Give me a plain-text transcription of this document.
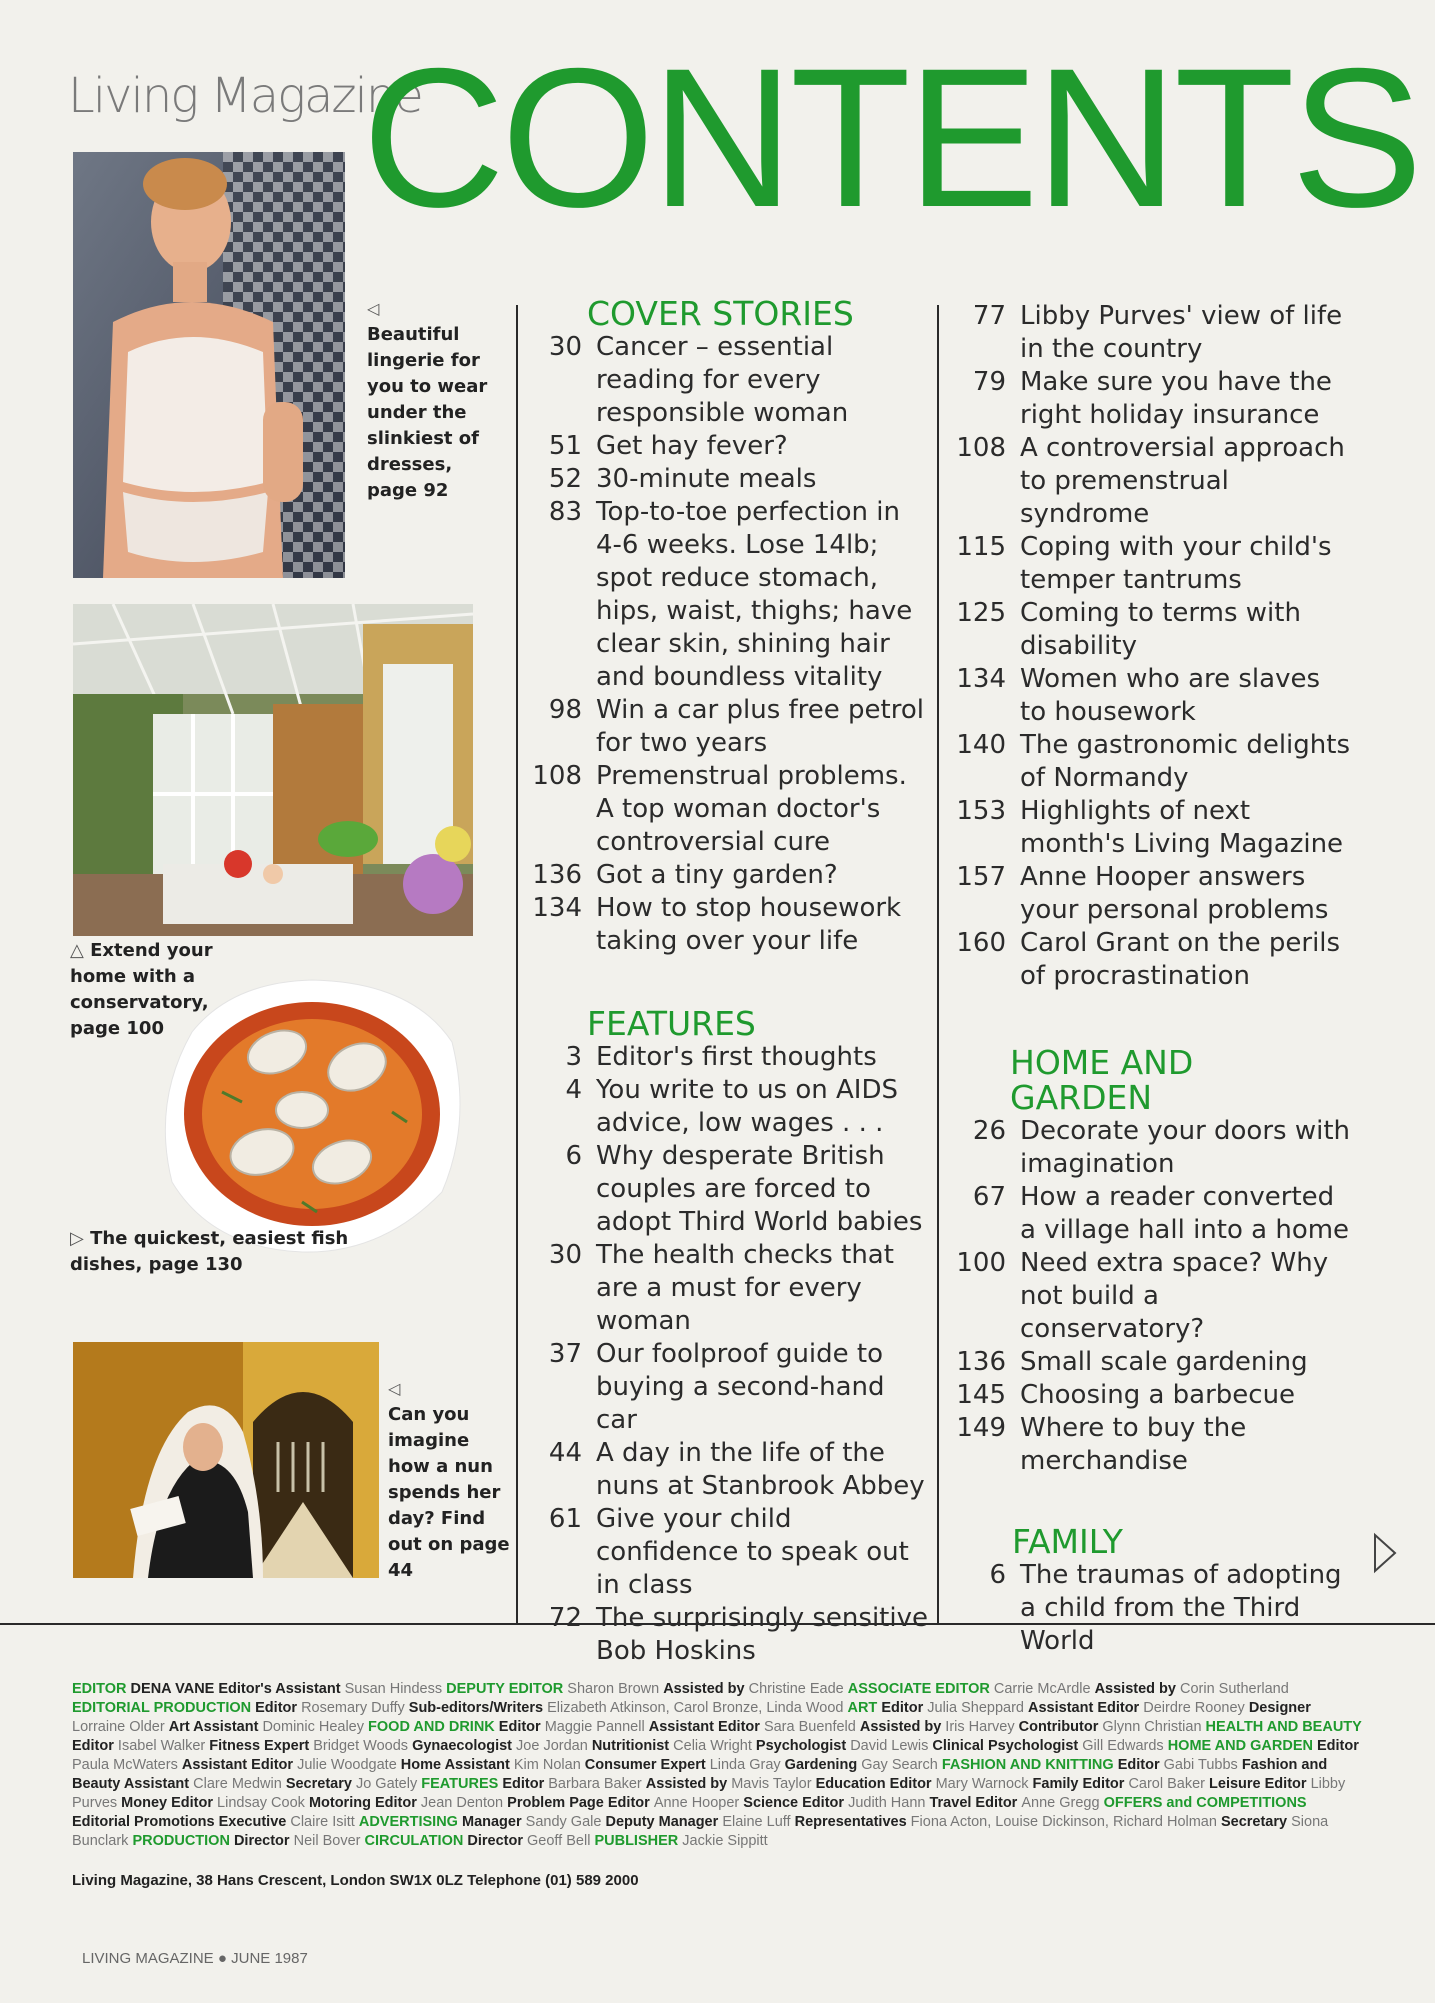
Living Magazine
CONTENTS
◁
Beautiful lingerie for you to wear under the slinkiest of dresses, page 92
△ Extend your home with a conservatory, page 100
▷ The quickest, easiest fish dishes, page 130
◁
Can you imagine how a nun spends her day? Find out on page 44
COVER STORIES
30 Cancer – essential reading for every responsible woman
51 Get hay fever?
52 30-minute meals
83 Top-to-toe perfection in 4-6 weeks. Lose 14lb; spot reduce stomach, hips, waist, thighs; have clear skin, shining hair and boundless vitality
98 Win a car plus free petrol for two years
108 Premenstrual problems. A top woman doctor's controversial cure
136 Got a tiny garden?
134 How to stop housework taking over your life
FEATURES
3 Editor's first thoughts
4 You write to us on AIDS advice, low wages . . .
6 Why desperate British couples are forced to adopt Third World babies
30 The health checks that are a must for every woman
37 Our foolproof guide to buying a second-hand car
44 A day in the life of the nuns at Stanbrook Abbey
61 Give your child confidence to speak out in class
72 The surprisingly sensitive Bob Hoskins
77 Libby Purves' view of life in the country
79 Make sure you have the right holiday insurance
108 A controversial approach to premenstrual syndrome
115 Coping with your child's temper tantrums
125 Coming to terms with disability
134 Women who are slaves to housework
140 The gastronomic delights of Normandy
153 Highlights of next month's Living Magazine
157 Anne Hooper answers your personal problems
160 Carol Grant on the perils of procrastination
HOME AND GARDEN
26 Decorate your doors with imagination
67 How a reader converted a village hall into a home
100 Need extra space? Why not build a conservatory?
136 Small scale gardening
145 Choosing a barbecue
149 Where to buy the merchandise
FAMILY
6 The traumas of adopting a child from the Third World
EDITOR DENA VANE Editor's Assistant Susan Hindess DEPUTY EDITOR Sharon Brown Assisted by Christine Eade ASSOCIATE EDITOR Carrie McArdle Assisted by Corin Sutherland EDITORIAL PRODUCTION Editor Rosemary Duffy Sub-editors/Writers Elizabeth Atkinson, Carol Bronze, Linda Wood ART Editor Julia Sheppard Assistant Editor Deirdre Rooney Designer Lorraine Older Art Assistant Dominic Healey FOOD AND DRINK Editor Maggie Pannell Assistant Editor Sara Buenfeld Assisted by Iris Harvey Contributor Glynn Christian HEALTH AND BEAUTY Editor Isabel Walker Fitness Expert Bridget Woods Gynaecologist Joe Jordan Nutritionist Celia Wright Psychologist David Lewis Clinical Psychologist Gill Edwards HOME AND GARDEN Editor Paula McWaters Assistant Editor Julie Woodgate Home Assistant Kim Nolan Consumer Expert Linda Gray Gardening Gay Search FASHION AND KNITTING Editor Gabi Tubbs Fashion and Beauty Assistant Clare Medwin Secretary Jo Gately FEATURES Editor Barbara Baker Assisted by Mavis Taylor Education Editor Mary Warnock Family Editor Carol Baker Leisure Editor Libby Purves Money Editor Lindsay Cook Motoring Editor Jean Denton Problem Page Editor Anne Hooper Science Editor Judith Hann Travel Editor Anne Gregg OFFERS and COMPETITIONS Editorial Promotions Executive Claire Isitt ADVERTISING Manager Sandy Gale Deputy Manager Elaine Luff Representatives Fiona Acton, Louise Dickinson, Richard Holman Secretary Siona Bunclark PRODUCTION Director Neil Bover CIRCULATION Director Geoff Bell PUBLISHER Jackie Sippitt
Living Magazine, 38 Hans Crescent, London SW1X 0LZ Telephone (01) 589 2000
LIVING MAGAZINE ● JUNE 1987
